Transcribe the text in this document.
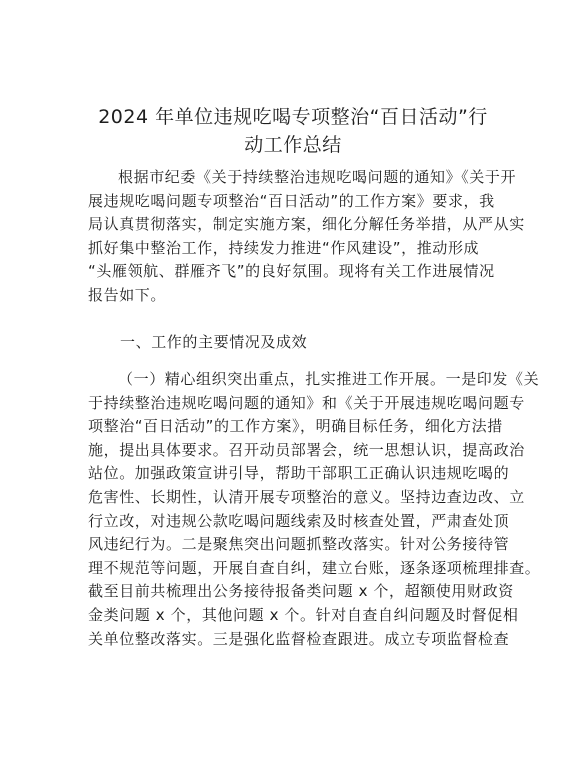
2024 年单位违规吃喝专项整治“百日活动”行
动工作总结
根据市纪委《关于持续整治违规吃喝问题的通知》《关于开
展违规吃喝问题专项整治“百日活动”的工作方案》要求，我
局认真贯彻落实，制定实施方案，细化分解任务举措，从严从实
抓好集中整治工作，持续发力推进“作风建设”，推动形成
“头雁领航、群雁齐飞”的良好氛围。现将有关工作进展情况
报告如下。
一、工作的主要情况及成效
（一）精心组织突出重点，扎实推进工作开展。一是印发《关
于持续整治违规吃喝问题的通知》和《关于开展违规吃喝问题专
项整治“百日活动”的工作方案》，明确目标任务，细化方法措
施，提出具体要求。召开动员部署会，统一思想认识，提高政治
站位。加强政策宣讲引导，帮助干部职工正确认识违规吃喝的
危害性、长期性，认清开展专项整治的意义。坚持边查边改、立
行立改，对违规公款吃喝问题线索及时核查处置，严肃查处顶
风违纪行为。二是聚焦突出问题抓整改落实。针对公务接待管
理不规范等问题，开展自查自纠，建立台账，逐条逐项梳理排查。
截至目前共梳理出公务接待报备类问题 x 个，超额使用财政资
金类问题 x 个，其他问题 x 个。针对自查自纠问题及时督促相
关单位整改落实。三是强化监督检查跟进。成立专项监督检查
